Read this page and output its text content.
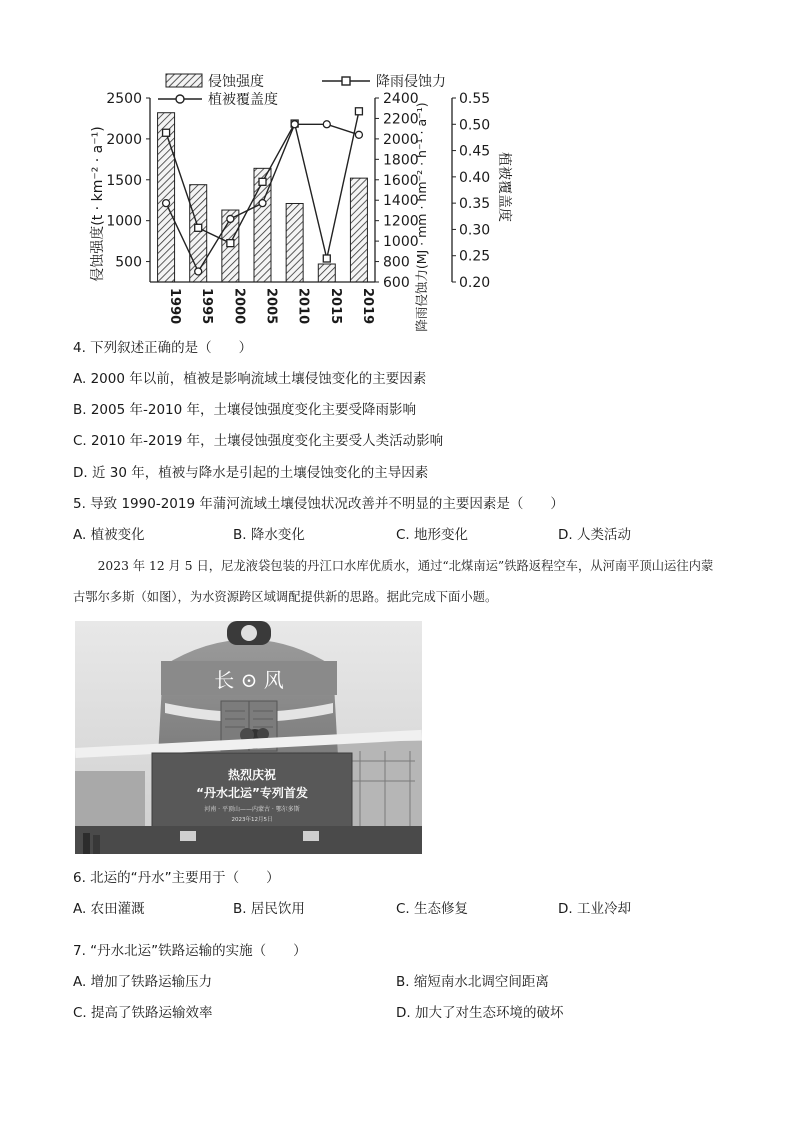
侵蚀强度	降雨侵蚀力
植被覆盖度
侵蚀强度(t · km⁻² · a⁻¹)	降雨侵蚀力(MJ · mm · hm⁻² · h⁻¹ · a⁻¹)	植被覆盖度
2500
2000
1500
1000
500
2400
2200
2000
1800
1600
1400
1200
1000
800
600
0.55
0.50
0.45
0.40
0.35
0.30
0.25
0.20
1990 1995 2000 2005 2010 2015 2019
4. 下列叙述正确的是（　　）
A. 2000 年以前，植被是影响流域土壤侵蚀变化的主要因素
B. 2005 年-2010 年，土壤侵蚀强度变化主要受降雨影响
C. 2010 年-2019 年，土壤侵蚀强度变化主要受人类活动影响
D. 近 30 年，植被与降水是引起的土壤侵蚀变化的主导因素
5. 导致 1990-2019 年蒲河流域土壤侵蚀状况改善并不明显的主要因素是（　　）
A. 植被变化	B. 降水变化	C. 地形变化	D. 人类活动
2023 年 12 月 5 日，尼龙液袋包装的丹江口水库优质水，通过“北煤南运”铁路返程空车，从河南平顶山运往内蒙古鄂尔多斯（如图），为水资源跨区域调配提供新的思路。据此完成下面小题。
长 ⊙ 风
热烈庆祝
“丹水北运”专列首发
河南 · 平顶山——内蒙古 · 鄂尔多斯
2023年12月5日
6. 北运的“丹水”主要用于（　　）
A. 农田灌溉	B. 居民饮用	C. 生态修复	D. 工业冷却
7. “丹水北运”铁路运输的实施（　　）
A. 增加了铁路运输压力	B. 缩短南水北调空间距离
C. 提高了铁路运输效率	D. 加大了对生态环境的破坏
